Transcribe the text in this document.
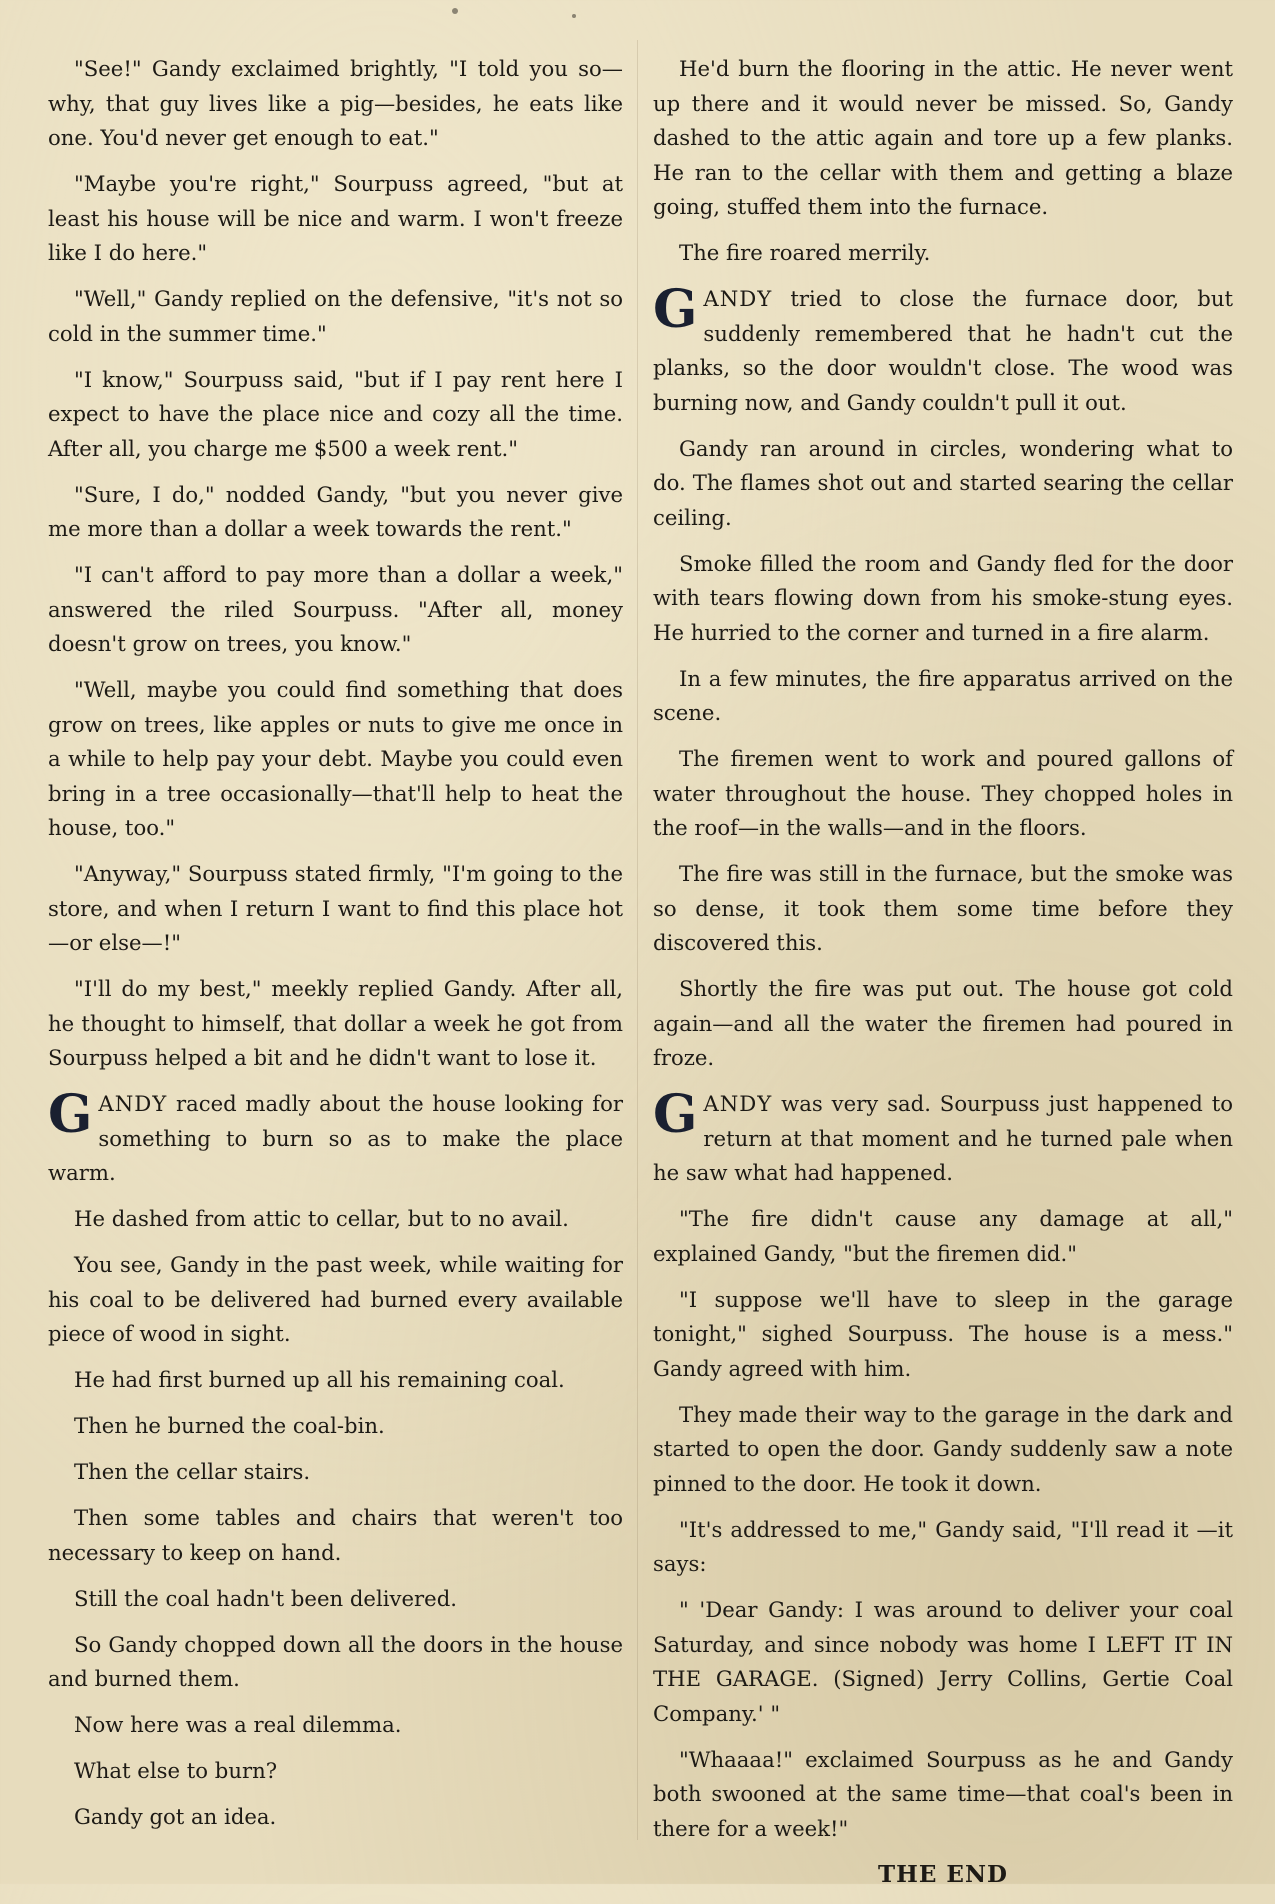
"See!" Gandy exclaimed brightly, "I told you so—why, that guy lives like a pig—besides, he eats like one. You'd never get enough to eat."

"Maybe you're right," Sourpuss agreed, "but at least his house will be nice and warm. I won't freeze like I do here."

"Well," Gandy replied on the defensive, "it's not so cold in the summer time."

"I know," Sourpuss said, "but if I pay rent here I expect to have the place nice and cozy all the time. After all, you charge me $500 a week rent."

"Sure, I do," nodded Gandy, "but you never give me more than a dollar a week towards the rent."

"I can't afford to pay more than a dollar a week," answered the riled Sourpuss. "After all, money doesn't grow on trees, you know."

"Well, maybe you could find something that does grow on trees, like apples or nuts to give me once in a while to help pay your debt. Maybe you could even bring in a tree occasionally—that'll help to heat the house, too."

"Anyway," Sourpuss stated firmly, "I'm going to the store, and when I return I want to find this place hot—or else—!"

"I'll do my best," meekly replied Gandy. After all, he thought to himself, that dollar a week he got from Sourpuss helped a bit and he didn't want to lose it.

GANDY raced madly about the house looking for something to burn so as to make the place warm.

He dashed from attic to cellar, but to no avail.

You see, Gandy in the past week, while waiting for his coal to be delivered had burned every available piece of wood in sight.

He had first burned up all his remaining coal.

Then he burned the coal-bin.

Then the cellar stairs.

Then some tables and chairs that weren't too necessary to keep on hand.

Still the coal hadn't been delivered.

So Gandy chopped down all the doors in the house and burned them.

Now here was a real dilemma.

What else to burn?

Gandy got an idea.

He'd burn the flooring in the attic. He never went up there and it would never be missed. So, Gandy dashed to the attic again and tore up a few planks. He ran to the cellar with them and getting a blaze going, stuffed them into the furnace.

The fire roared merrily.

GANDY tried to close the furnace door, but suddenly remembered that he hadn't cut the planks, so the door wouldn't close. The wood was burning now, and Gandy couldn't pull it out.

Gandy ran around in circles, wondering what to do. The flames shot out and started searing the cellar ceiling.

Smoke filled the room and Gandy fled for the door with tears flowing down from his smoke-stung eyes. He hurried to the corner and turned in a fire alarm.

In a few minutes, the fire apparatus arrived on the scene.

The firemen went to work and poured gallons of water throughout the house. They chopped holes in the roof—in the walls—and in the floors.

The fire was still in the furnace, but the smoke was so dense, it took them some time before they discovered this.

Shortly the fire was put out. The house got cold again—and all the water the firemen had poured in froze.

GANDY was very sad. Sourpuss just happened to return at that moment and he turned pale when he saw what had happened.

"The fire didn't cause any damage at all," explained Gandy, "but the firemen did."

"I suppose we'll have to sleep in the garage tonight," sighed Sourpuss. The house is a mess." Gandy agreed with him.

They made their way to the garage in the dark and started to open the door. Gandy suddenly saw a note pinned to the door. He took it down.

"It's addressed to me," Gandy said, "I'll read it —it says:

" 'Dear Gandy: I was around to deliver your coal Saturday, and since nobody was home I LEFT IT IN THE GARAGE. (Signed) Jerry Collins, Gertie Coal Company.' "

"Whaaaa!" exclaimed Sourpuss as he and Gandy both swooned at the same time—that coal's been in there for a week!"

THE END
